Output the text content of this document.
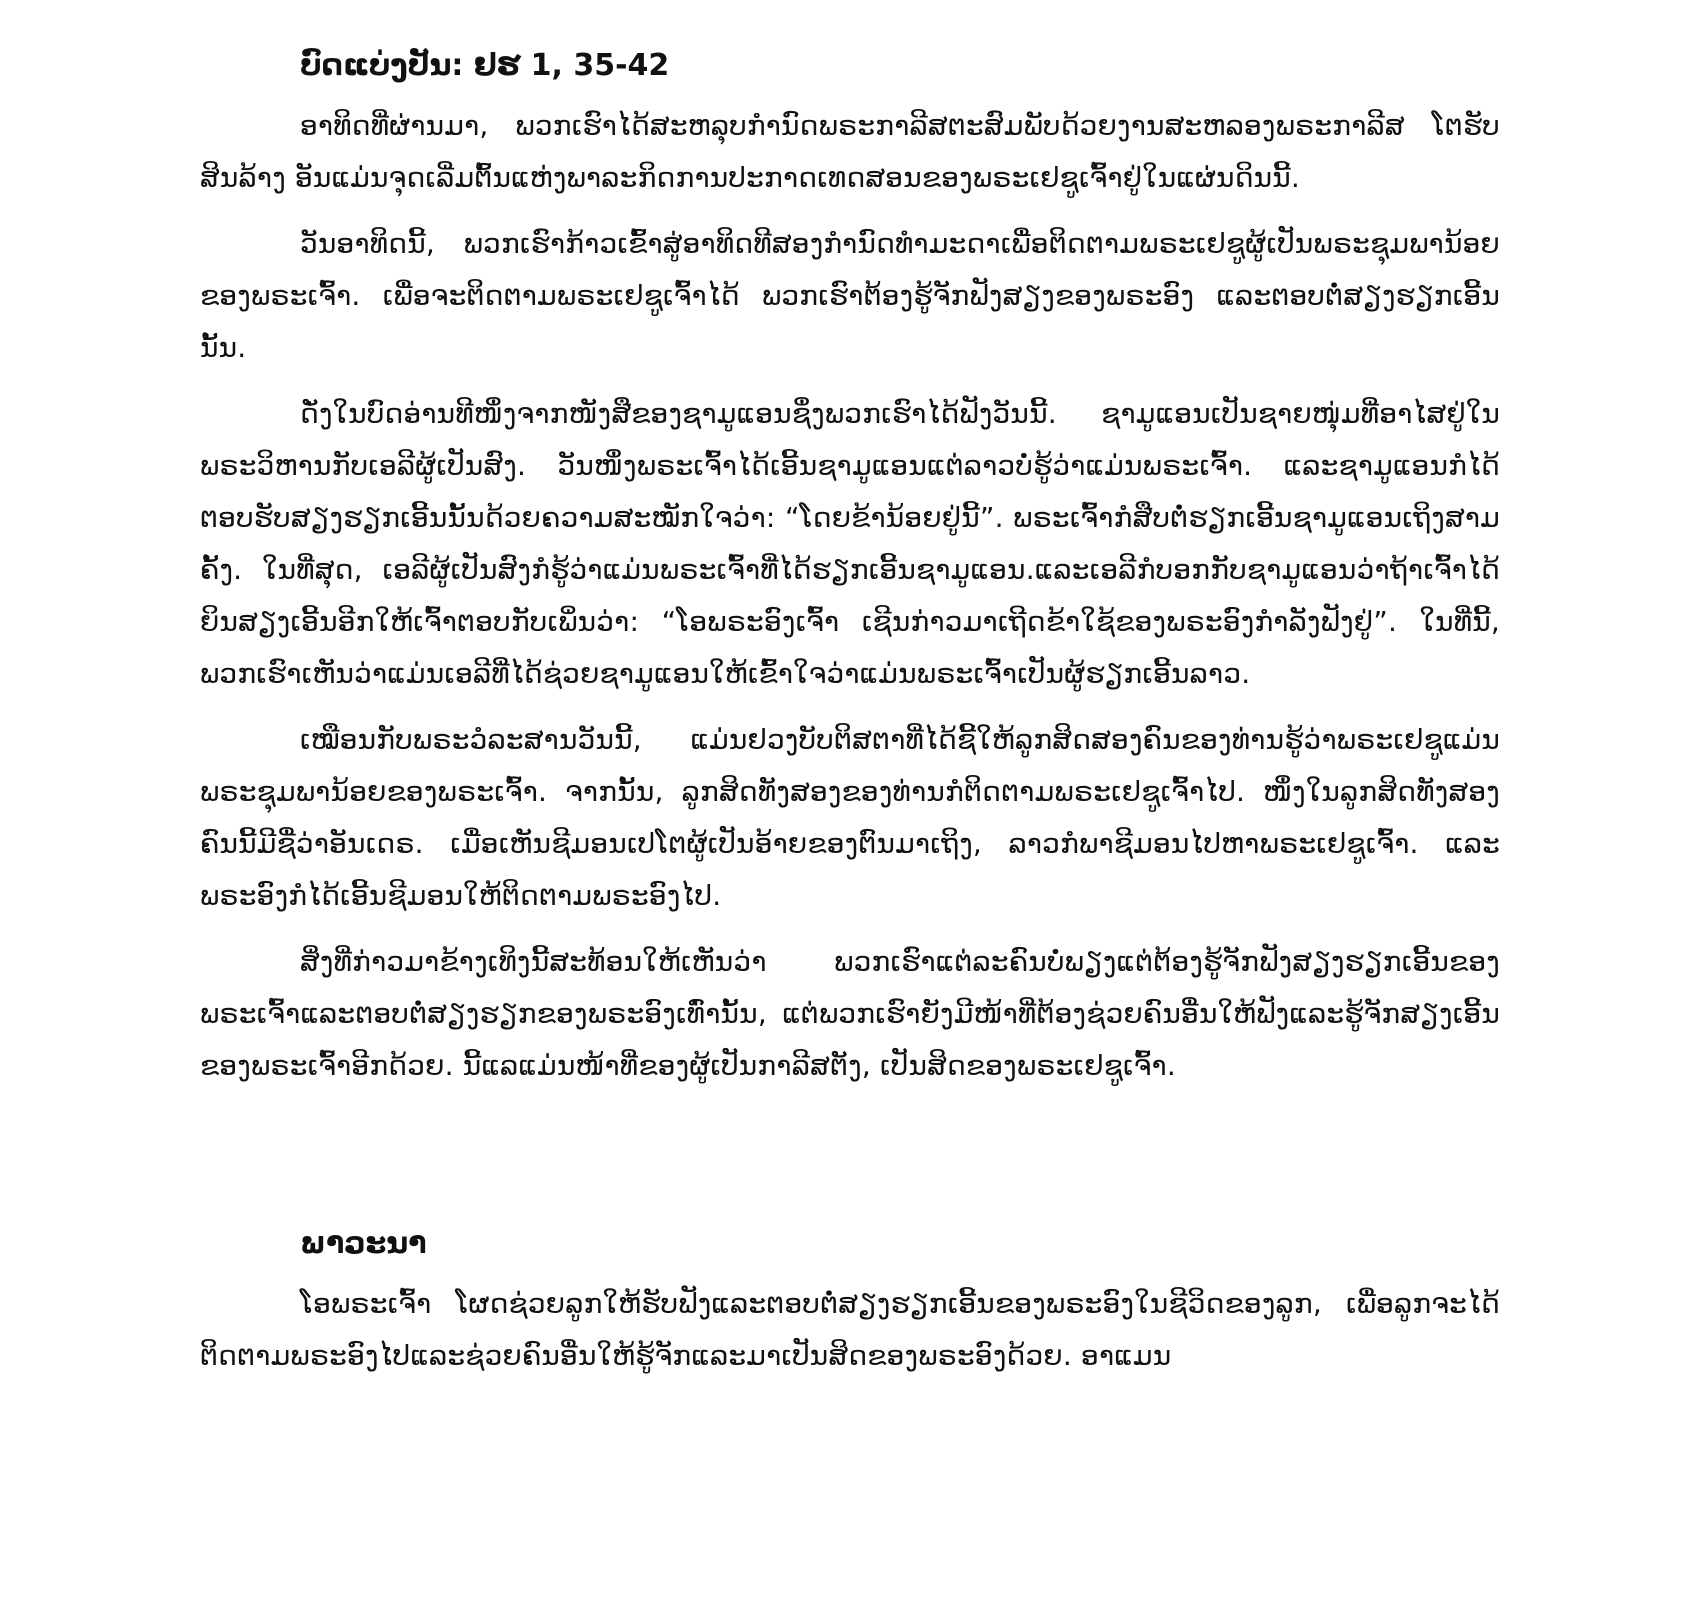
ບົດແບ່ງປັນ: ຢຮ 1, 35-42

ອາທິດທີ່ຜ່ານມາ, ພວກເຮົາໄດ້ສະຫລຸບກຳນົດພຣະກາລີສຕະສົມພັບດ້ວຍງານສະຫລອງພຣະກາລີສ ໂຕຮັບສິນລ້າງ ອັນແມ່ນຈຸດເລີ່ມຕົ້ນແຫ່ງພາລະກິດການປະກາດເທດສອນຂອງພຣະເຢຊູເຈົ້າຢູ່ໃນແຜ່ນດິນນີ້.

ວັນອາທິດນີ້, ພວກເຮົາກ້າວເຂົ້າສູ່ອາທິດທີສອງກຳນົດທຳມະດາເພື່ອຕິດຕາມພຣະເຢຊູຜູ້ເປັນພຣະຊຸມພານ້ອຍຂອງພຣະເຈົ້າ. ເພື່ອຈະຕິດຕາມພຣະເຢຊູເຈົ້າໄດ້ ພວກເຮົາຕ້ອງຮູ້ຈັກຟັງສຽງຂອງພຣະອົງ ແລະຕອບຕໍ່ສຽງຮຽກເອີ້ນນັ້ນ.

ດັ່ງໃນບົດອ່ານທີໜຶ່ງຈາກໜັງສືຂອງຊາມູແອນຊຶ່ງພວກເຮົາໄດ້ຟັງວັນນີ້. ຊາມູແອນເປັນຊາຍໜຸ່ມທີ່ອາໄສຢູ່ໃນພຣະວິຫານກັບເອລີຜູ້ເປັນສົງ. ວັນໜຶ່ງພຣະເຈົ້າໄດ້ເອີ້ນຊາມູແອນແຕ່ລາວບໍ່ຮູ້ວ່າແມ່ນພຣະເຈົ້າ. ແລະຊາມູແອນກໍໄດ້ຕອບຮັບສຽງຮຽກເອີ້ນນັ້ນດ້ວຍຄວາມສະໝັກໃຈວ່າ: “ໂດຍຂ້ານ້ອຍຢູ່ນີ້”. ພຣະເຈົ້າກໍສືບຕໍ່ຮຽກເອີ້ນຊາມູແອນເຖິງສາມຄັ້ງ. ໃນທີ່ສຸດ, ເອລີຜູ້ເປັນສົງກໍຮູ້ວ່າແມ່ນພຣະເຈົ້າທີ່ໄດ້ຮຽກເອີ້ນຊາມູແອນ.ແລະເອລີກໍບອກກັບຊາມູແອນວ່າຖ້າເຈົ້າໄດ້ຍິນສຽງເອີ້ນອີກໃຫ້ເຈົ້າຕອບກັບເພິ່ນວ່າ: “ໂອພຣະອົງເຈົ້າ ເຊີນກ່າວມາເຖີດຂ້າໃຊ້ຂອງພຣະອົງກຳລັງຟັງຢູ່”. ໃນທີ່ນີ້, ພວກເຮົາເຫັນວ່າແມ່ນເອລີທີ່ໄດ້ຊ່ວຍຊາມູແອນໃຫ້ເຂົ້າໃຈວ່າແມ່ນພຣະເຈົ້າເປັນຜູ້ຮຽກເອີ້ນລາວ.

ເໝືອນກັບພຣະວໍລະສານວັນນີ້, ແມ່ນຢວງບັບຕິສຕາທີ່ໄດ້ຊີ້ໃຫ້ລູກສິດສອງຄົນຂອງທ່ານຮູ້ວ່າພຣະເຢຊູແມ່ນພຣະຊຸມພານ້ອຍຂອງພຣະເຈົ້າ. ຈາກນັ້ນ, ລູກສິດທັງສອງຂອງທ່ານກໍຕິດຕາມພຣະເຢຊູເຈົ້າໄປ. ໜຶ່ງໃນລູກສິດທັງສອງຄົນນີ້ມີຊື່ວ່າອັນເດຣ. ເມື່ອເຫັນຊີມອນເປໂຕຜູ້ເປັນອ້າຍຂອງຕົນມາເຖິງ, ລາວກໍພາຊີມອນໄປຫາພຣະເຢຊູເຈົ້າ. ແລະພຣະອົງກໍໄດ້ເອີ້ນຊີມອນໃຫ້ຕິດຕາມພຣະອົງໄປ.

ສິ່ງທີ່ກ່າວມາຂ້າງເທິງນີ້ສະທ້ອນໃຫ້ເຫັນວ່າ ພວກເຮົາແຕ່ລະຄົນບໍ່ພຽງແຕ່ຕ້ອງຮູ້ຈັກຟັງສຽງຮຽກເອີ້ນຂອງພຣະເຈົ້າແລະຕອບຕໍ່ສຽງຮຽກຂອງພຣະອົງເທົ່ານັ້ນ, ແຕ່ພວກເຮົາຍັງມີໜ້າທີ່ຕ້ອງຊ່ວຍຄົນອື່ນໃຫ້ຟັງແລະຮູ້ຈັກສຽງເອີ້ນຂອງພຣະເຈົ້າອີກດ້ວຍ. ນີ້ແລແມ່ນໜ້າທີ່ຂອງຜູ້ເປັນກາລີສຕັງ, ເປັນສິດຂອງພຣະເຢຊູເຈົ້າ.

ພາວະນາ

ໂອພຣະເຈົ້າ ໂຜດຊ່ວຍລູກໃຫ້ຮັບຟັງແລະຕອບຕໍ່ສຽງຮຽກເອີ້ນຂອງພຣະອົງໃນຊີວິດຂອງລູກ, ເພື່ອລູກຈະໄດ້ຕິດຕາມພຣະອົງໄປແລະຊ່ວຍຄົນອື່ນໃຫ້ຮູ້ຈັກແລະມາເປັນສິດຂອງພຣະອົງດ້ວຍ. ອາແມນ
